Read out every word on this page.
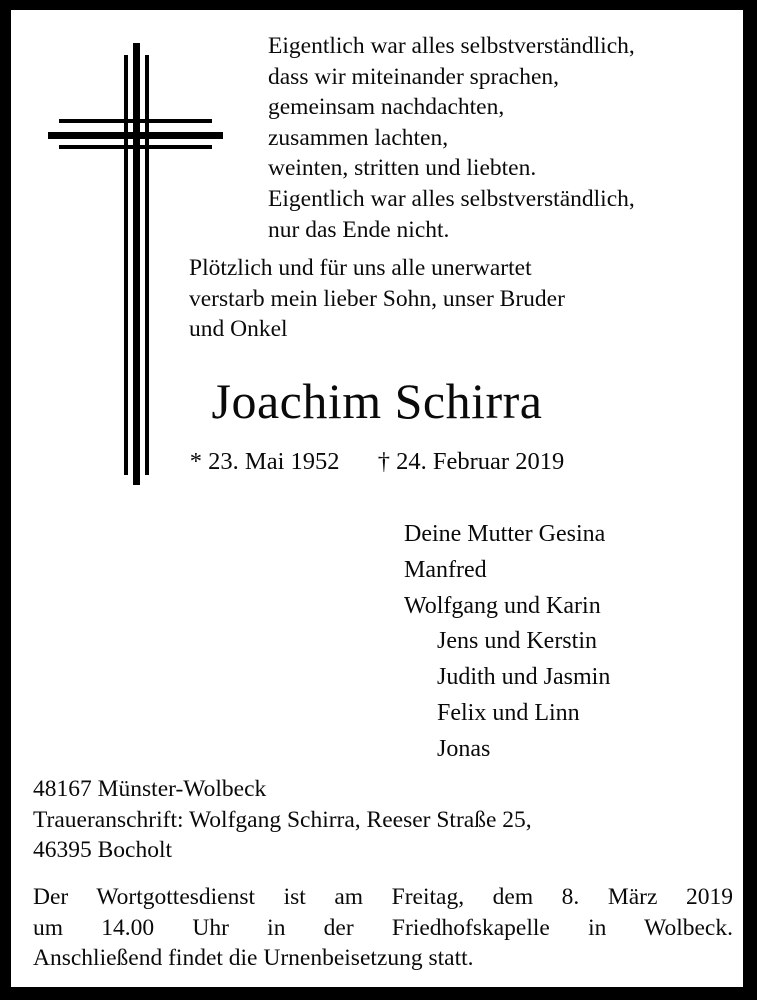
Eigentlich war alles selbstverständlich,
dass wir miteinander sprachen,
gemeinsam nachdachten,
zusammen lachten,
weinten, stritten und liebten.
Eigentlich war alles selbstverständlich,
nur das Ende nicht.
Plötzlich und für uns alle unerwartet
verstarb mein lieber Sohn, unser Bruder
und Onkel
Joachim Schirra
* 23. Mai 1952 † 24. Februar 2019
Deine Mutter Gesina
Manfred
Wolfgang und Karin
Jens und Kerstin
Judith und Jasmin
Felix und Linn
Jonas
48167 Münster-Wolbeck
Traueranschrift: Wolfgang Schirra, Reeser Straße 25,
46395 Bocholt
Der Wortgottesdienst ist am Freitag, dem 8. März 2019
um 14.00 Uhr in der Friedhofskapelle in Wolbeck.
Anschließend findet die Urnenbeisetzung statt.
